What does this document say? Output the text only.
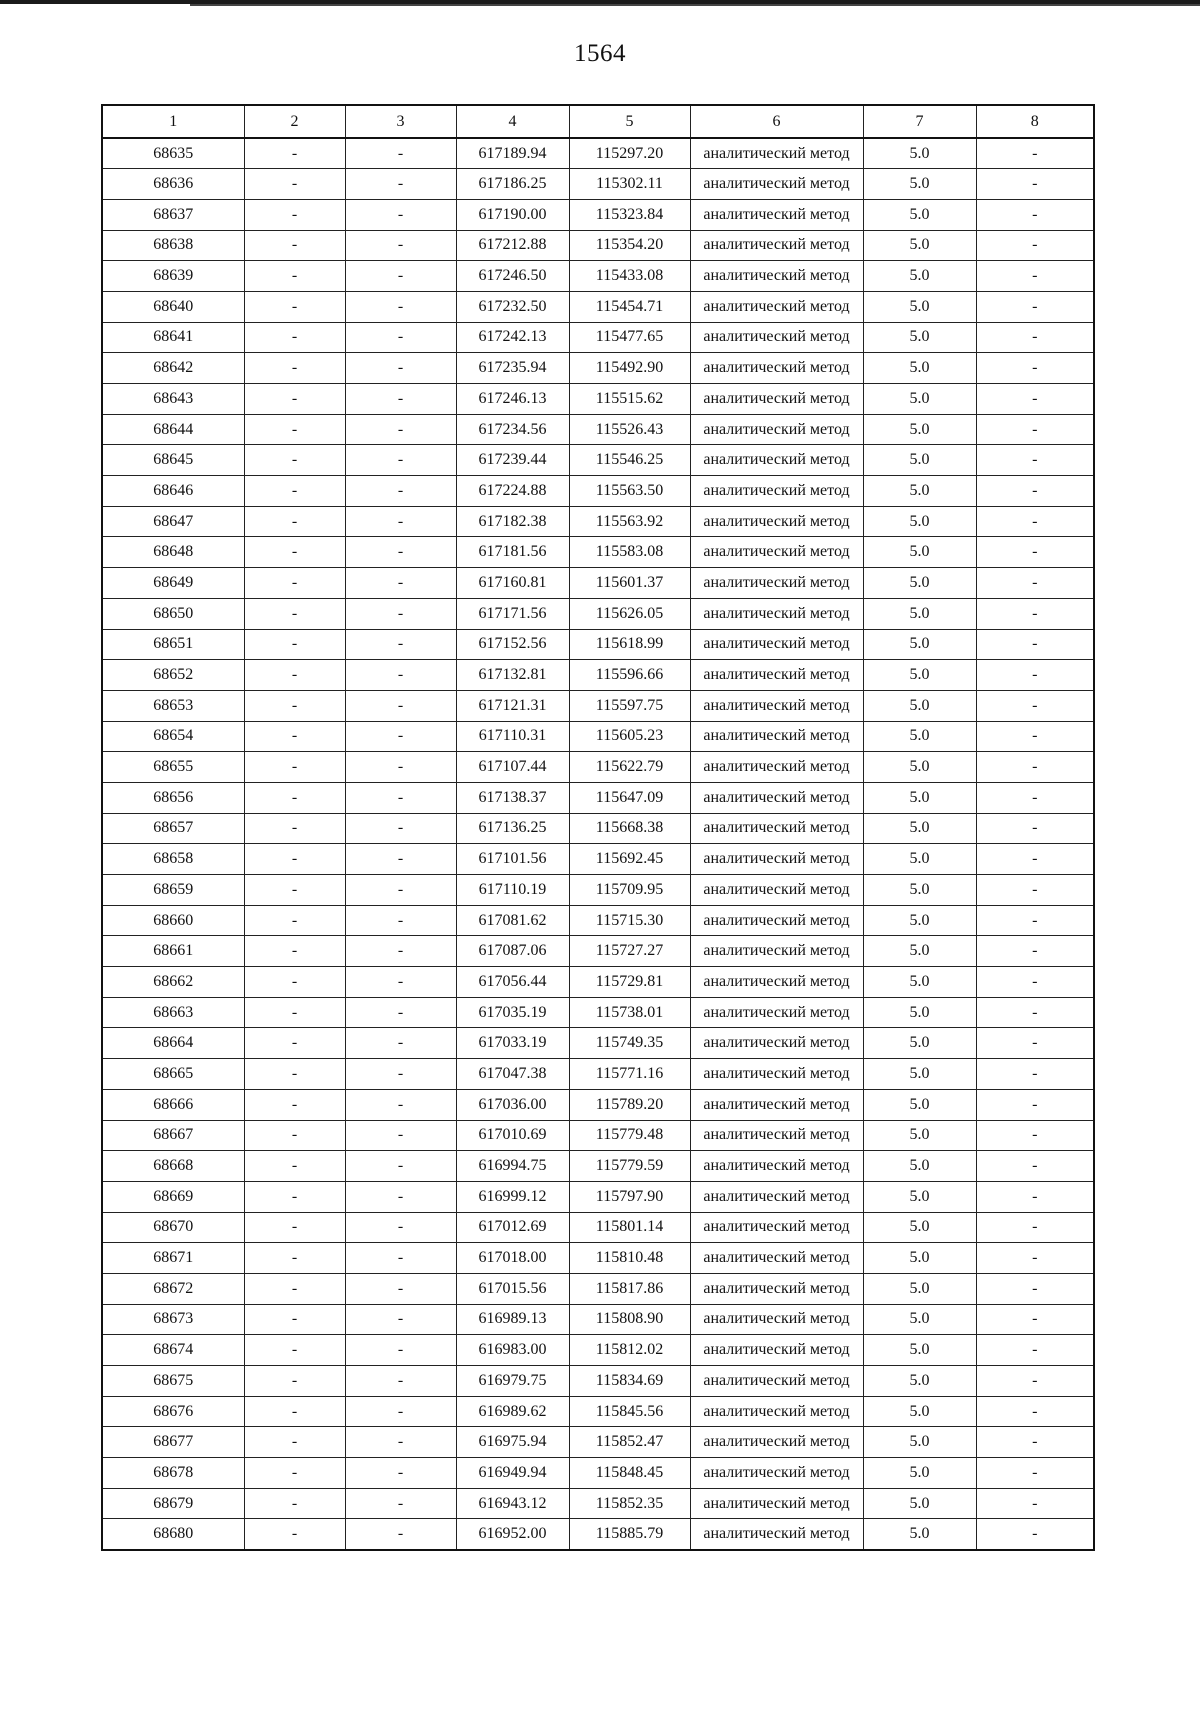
1564
1	2	3	4	5	6	7	8
68635	-	-	617189.94	115297.20	аналитический метод	5.0	-
68636	-	-	617186.25	115302.11	аналитический метод	5.0	-
68637	-	-	617190.00	115323.84	аналитический метод	5.0	-
68638	-	-	617212.88	115354.20	аналитический метод	5.0	-
68639	-	-	617246.50	115433.08	аналитический метод	5.0	-
68640	-	-	617232.50	115454.71	аналитический метод	5.0	-
68641	-	-	617242.13	115477.65	аналитический метод	5.0	-
68642	-	-	617235.94	115492.90	аналитический метод	5.0	-
68643	-	-	617246.13	115515.62	аналитический метод	5.0	-
68644	-	-	617234.56	115526.43	аналитический метод	5.0	-
68645	-	-	617239.44	115546.25	аналитический метод	5.0	-
68646	-	-	617224.88	115563.50	аналитический метод	5.0	-
68647	-	-	617182.38	115563.92	аналитический метод	5.0	-
68648	-	-	617181.56	115583.08	аналитический метод	5.0	-
68649	-	-	617160.81	115601.37	аналитический метод	5.0	-
68650	-	-	617171.56	115626.05	аналитический метод	5.0	-
68651	-	-	617152.56	115618.99	аналитический метод	5.0	-
68652	-	-	617132.81	115596.66	аналитический метод	5.0	-
68653	-	-	617121.31	115597.75	аналитический метод	5.0	-
68654	-	-	617110.31	115605.23	аналитический метод	5.0	-
68655	-	-	617107.44	115622.79	аналитический метод	5.0	-
68656	-	-	617138.37	115647.09	аналитический метод	5.0	-
68657	-	-	617136.25	115668.38	аналитический метод	5.0	-
68658	-	-	617101.56	115692.45	аналитический метод	5.0	-
68659	-	-	617110.19	115709.95	аналитический метод	5.0	-
68660	-	-	617081.62	115715.30	аналитический метод	5.0	-
68661	-	-	617087.06	115727.27	аналитический метод	5.0	-
68662	-	-	617056.44	115729.81	аналитический метод	5.0	-
68663	-	-	617035.19	115738.01	аналитический метод	5.0	-
68664	-	-	617033.19	115749.35	аналитический метод	5.0	-
68665	-	-	617047.38	115771.16	аналитический метод	5.0	-
68666	-	-	617036.00	115789.20	аналитический метод	5.0	-
68667	-	-	617010.69	115779.48	аналитический метод	5.0	-
68668	-	-	616994.75	115779.59	аналитический метод	5.0	-
68669	-	-	616999.12	115797.90	аналитический метод	5.0	-
68670	-	-	617012.69	115801.14	аналитический метод	5.0	-
68671	-	-	617018.00	115810.48	аналитический метод	5.0	-
68672	-	-	617015.56	115817.86	аналитический метод	5.0	-
68673	-	-	616989.13	115808.90	аналитический метод	5.0	-
68674	-	-	616983.00	115812.02	аналитический метод	5.0	-
68675	-	-	616979.75	115834.69	аналитический метод	5.0	-
68676	-	-	616989.62	115845.56	аналитический метод	5.0	-
68677	-	-	616975.94	115852.47	аналитический метод	5.0	-
68678	-	-	616949.94	115848.45	аналитический метод	5.0	-
68679	-	-	616943.12	115852.35	аналитический метод	5.0	-
68680	-	-	616952.00	115885.79	аналитический метод	5.0	-
